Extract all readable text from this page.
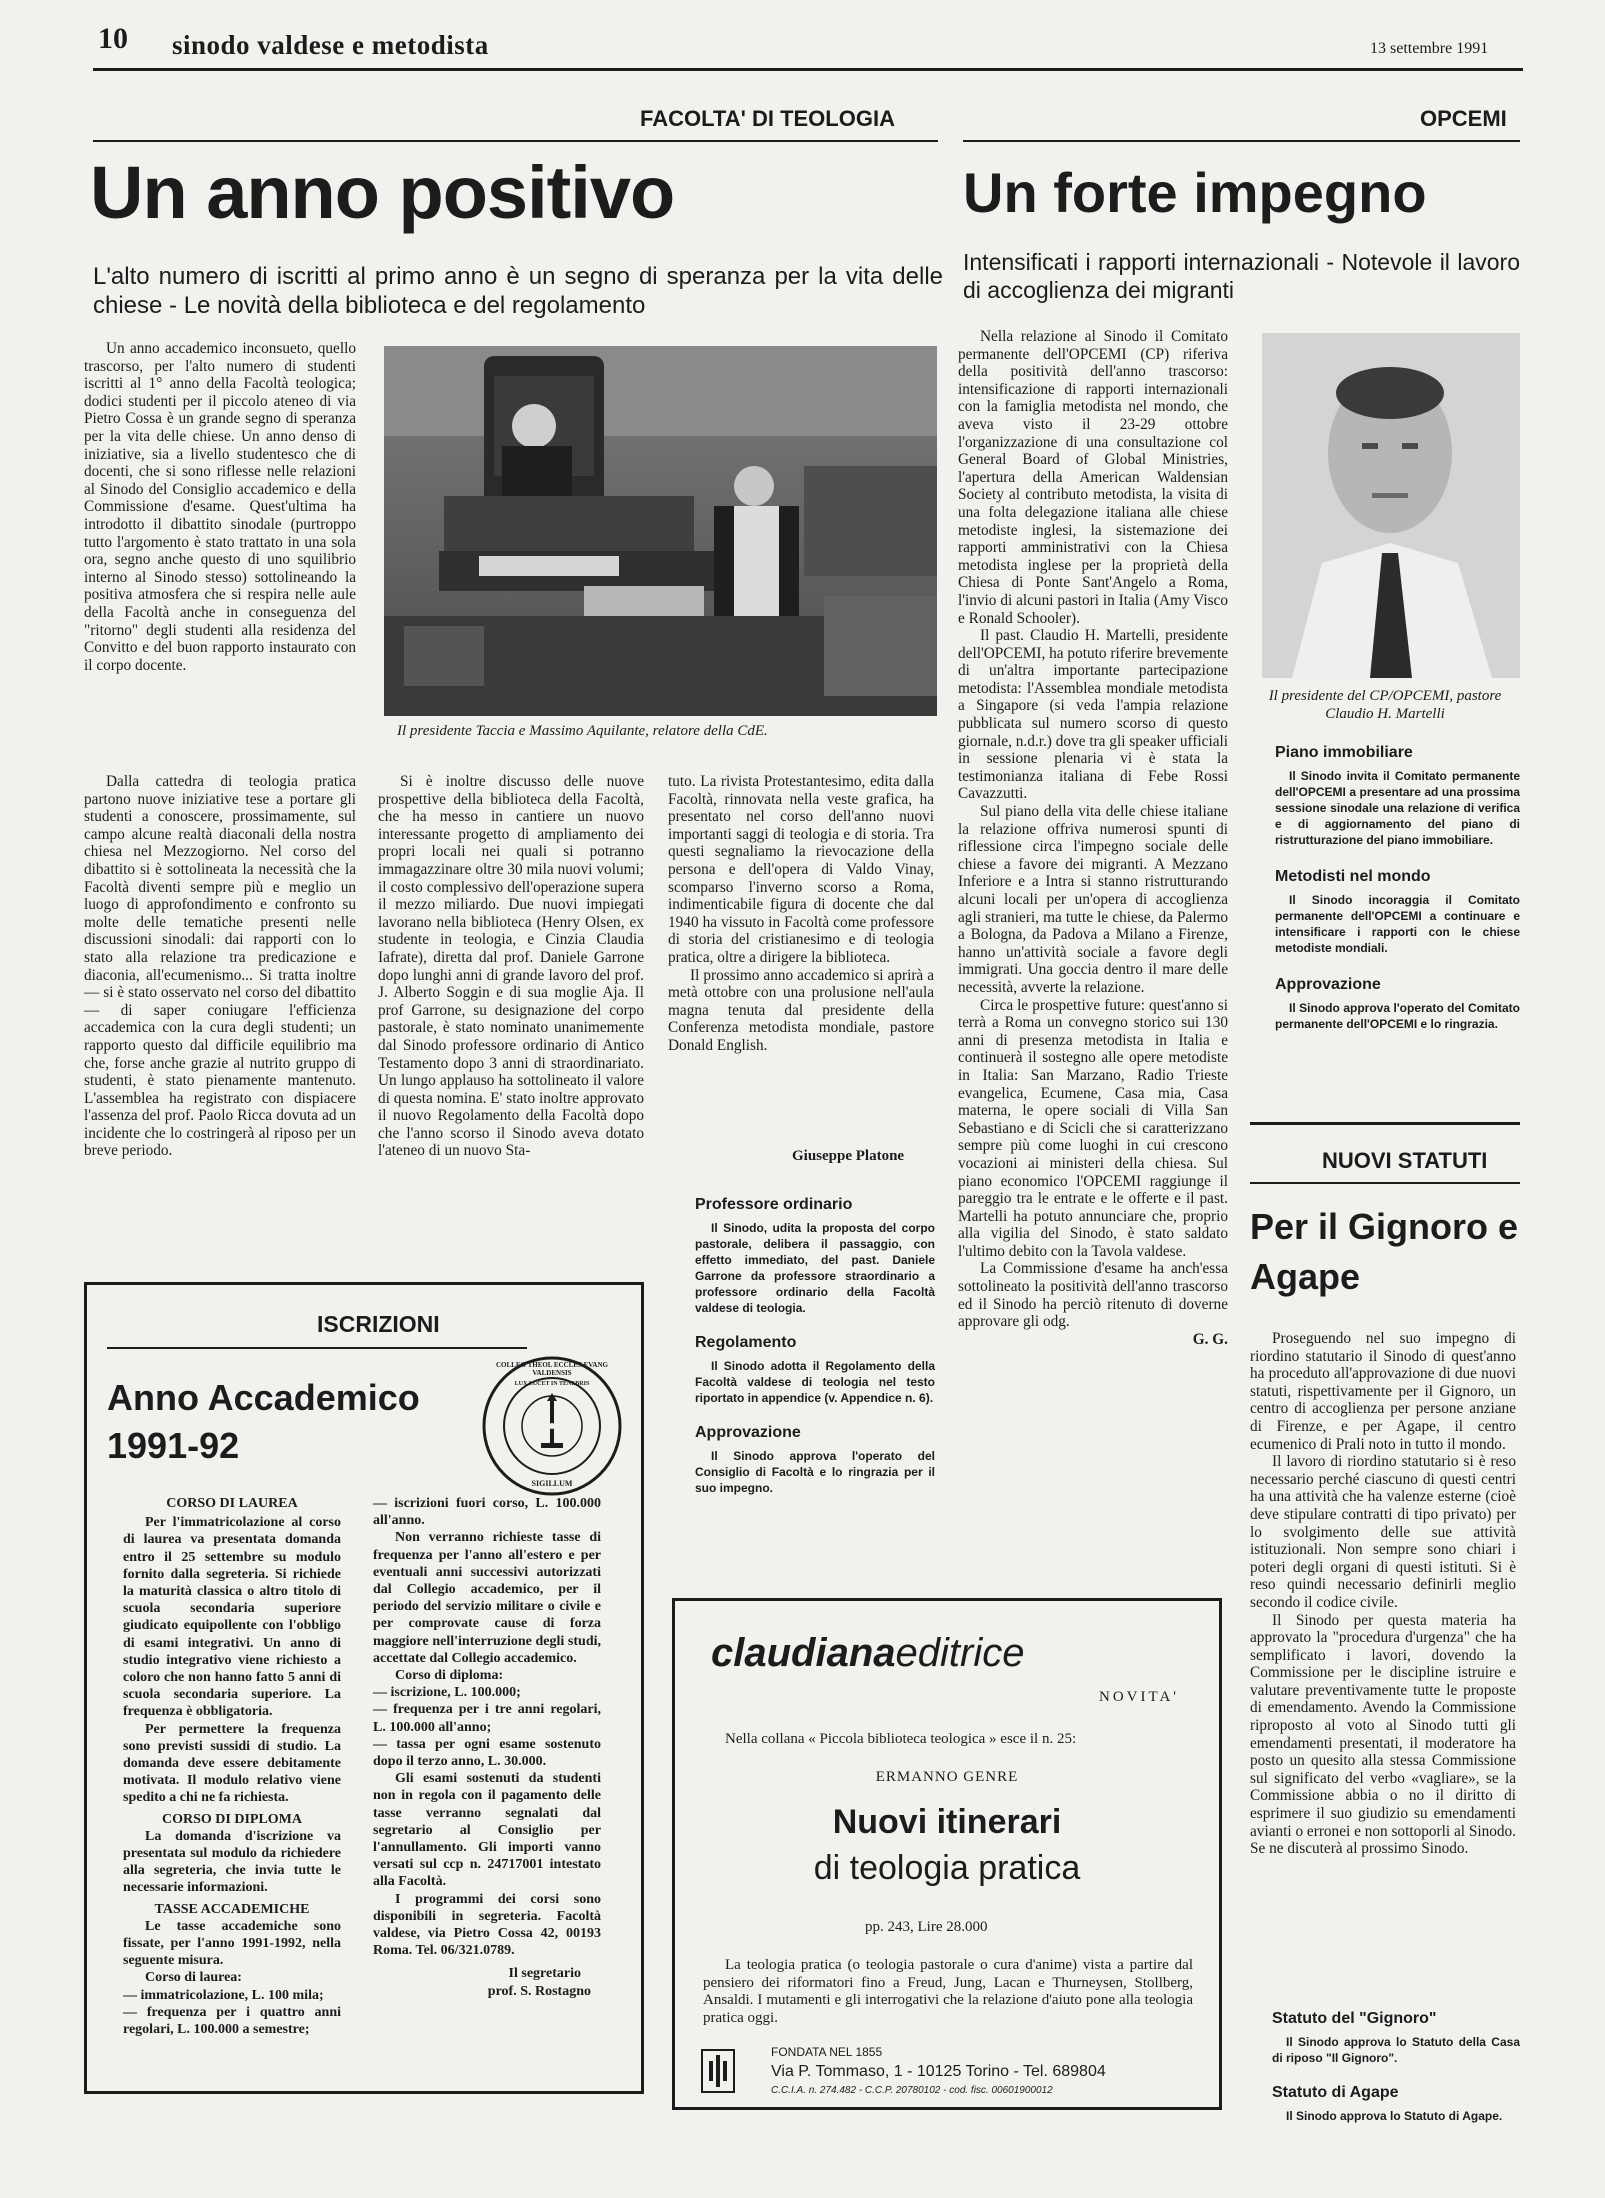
10 sinodo valdese e metodista	13 settembre 1991
FACOLTA' DI TEOLOGIA
Un anno positivo
L'alto numero di iscritti al primo anno è un segno di speranza per la vita delle chiese - Le novità della biblioteca e del regolamento
Un anno accademico inconsueto, quello trascorso, per l'alto numero di studenti iscritti al 1° anno della Facoltà teologica; dodici studenti per il piccolo ateneo di via Pietro Cossa è un grande segno di speranza per la vita delle chiese. Un anno denso di iniziative, sia a livello studentesco che di docenti, che si sono riflesse nelle relazioni al Sinodo del Consiglio accademico e della Commissione d'esame. Quest'ultima ha introdotto il dibattito sinodale (purtroppo tutto l'argomento è stato trattato in una sola ora, segno anche questo di uno squilibrio interno al Sinodo stesso) sottolineando la positiva atmosfera che si respira nelle aule della Facoltà anche in conseguenza del "ritorno" degli studenti alla residenza del Convitto e del buon rapporto instaurato con il corpo docente.
Dalla cattedra di teologia pratica partono nuove iniziative tese a portare gli studenti a conoscere, prossimamente, sul campo alcune realtà diaconali della nostra chiesa nel Mezzogiorno. Nel corso del dibattito si è sottolineata la necessità che la Facoltà diventi sempre più e meglio un luogo di approfondimento e confronto su molte delle tematiche presenti nelle discussioni sinodali: dai rapporti con lo stato alla relazione tra predicazione e diaconia, all'ecumenismo... Si tratta inoltre — si è stato osservato nel corso del dibattito — di saper coniugare l'efficienza accademica con la cura degli studenti; un rapporto questo dal difficile equilibrio ma che, forse anche grazie al nutrito gruppo di studenti, è stato pienamente mantenuto. L'assemblea ha registrato con dispiacere l'assenza del prof. Paolo Ricca dovuta ad un incidente che lo costringerà al riposo per un breve periodo.
Il presidente Taccia e Massimo Aquilante, relatore della CdE.
Si è inoltre discusso delle nuove prospettive della biblioteca della Facoltà, che ha messo in cantiere un nuovo interessante progetto di ampliamento dei propri locali nei quali si potranno immagazzinare oltre 30 mila nuovi volumi; il costo complessivo dell'operazione supera il mezzo miliardo. Due nuovi impiegati lavorano nella biblioteca (Henry Olsen, ex studente in teologia, e Cinzia Claudia Iafrate), diretta dal prof. Daniele Garrone dopo lunghi anni di grande lavoro del prof. J. Alberto Soggin e di sua moglie Aja. Il prof Garrone, su designazione del corpo pastorale, è stato nominato unanimemente dal Sinodo professore ordinario di Antico Testamento dopo 3 anni di straordinariato. Un lungo applauso ha sottolineato il valore di questa nomina. E' stato inoltre approvato il nuovo Regolamento della Facoltà dopo che l'anno scorso il Sinodo aveva dotato l'ateneo di un nuovo Sta-

tuto. La rivista Protestantesimo, edita dalla Facoltà, rinnovata nella veste grafica, ha presentato nel corso dell'anno nuovi importanti saggi di teologia e di storia. Tra questi segnaliamo la rievocazione della persona e dell'opera di Valdo Vinay, scomparso l'inverno scorso a Roma, indimenticabile figura di docente che dal 1940 ha vissuto in Facoltà come professore di storia del cristianesimo e di teologia pratica, oltre a dirigere la biblioteca.

Il prossimo anno accademico si aprirà a metà ottobre con una prolusione nell'aula magna tenuta dal presidente della Conferenza metodista mondiale, pastore Donald English.

Giuseppe Platone
Professore ordinario
Il Sinodo, udita la proposta del corpo pastorale, delibera il passaggio, con effetto immediato, del past. Daniele Garrone da professore straordinario a professore ordinario della Facoltà valdese di teologia.
Regolamento
Il Sinodo adotta il Regolamento della Facoltà valdese di teologia nel testo riportato in appendice (v. Appendice n. 6).
Approvazione
Il Sinodo approva l'operato del Consiglio di Facoltà e lo ringrazia per il suo impegno.
ISCRIZIONI
Anno Accademico
1991-92
COLLEG THEOL ECCLES EVANG VALDENSIS
LUX LUCET IN TENEBRIS
SIGILLUM

CORSO DI LAUREA

Per l'immatricolazione al corso di laurea va presentata domanda entro il 25 settembre su modulo fornito dalla segreteria. Si richiede la maturità classica o altro titolo di scuola secondaria superiore giudicato equipollente con l'obbligo di esami integrativi. Un anno di studio integrativo viene richiesto a coloro che non hanno fatto 5 anni di scuola secondaria superiore. La frequenza è obbligatoria.

Per permettere la frequenza sono previsti sussidi di studio. La domanda deve essere debitamente motivata. Il modulo relativo viene spedito a chi ne fa richiesta.

CORSO DI DIPLOMA

La domanda d'iscrizione va presentata sul modulo da richiedere alla segreteria, che invia tutte le necessarie informazioni.

TASSE ACCADEMICHE

Le tasse accademiche sono fissate, per l'anno 1991-1992, nella seguente misura.

Corso di laurea:

— immatricolazione, L. 100 mila;

— frequenza per i quattro anni regolari, L. 100.000 a semestre;

— iscrizioni fuori corso, L. 100.000 all'anno.

Non verranno richieste tasse di frequenza per l'anno all'estero e per eventuali anni successivi autorizzati dal Collegio accademico, per il periodo del servizio militare o civile e per comprovate cause di forza maggiore nell'interruzione degli studi, accettate dal Collegio accademico.

Corso di diploma:

— iscrizione, L. 100.000;

— frequenza per i tre anni regolari, L. 100.000 all'anno;

— tassa per ogni esame sostenuto dopo il terzo anno, L. 30.000.

Gli esami sostenuti da studenti non in regola con il pagamento delle tasse verranno segnalati dal segretario al Consiglio per l'annullamento. Gli importi vanno versati sul ccp n. 24717001 intestato alla Facoltà.

I programmi dei corsi sono disponibili in segreteria. Facoltà valdese, via Pietro Cossa 42, 00193 Roma. Tel. 06/321.0789.

Il segretario

prof. S. Rostagno

claudianaeditrice
NOVITA'
Nella collana « Piccola biblioteca teologica » esce il n. 25:
ERMANNO GENRE
Nuovi itinerari
di teologia pratica
pp. 243, Lire 28.000
La teologia pratica (o teologia pastorale o cura d'anime) vista a partire dal pensiero dei riformatori fino a Freud, Jung, Lacan e Thurneysen, Stollberg, Ansaldi. I mutamenti e gli interrogativi che la relazione d'aiuto pone alla teologia pratica oggi.
FONDATA NEL 1855
Via P. Tommaso, 1 - 10125 Torino - Tel. 689804
C.C.I.A. n. 274.482 - C.C.P. 20780102 - cod. fisc. 00601900012
OPCEMI
Un forte impegno
Intensificati i rapporti internazionali - Notevole il lavoro di accoglienza dei migranti

Nella relazione al Sinodo il Comitato permanente dell'OPCEMI (CP) riferiva della positività dell'anno trascorso: intensificazione di rapporti internazionali con la famiglia metodista nel mondo, che aveva visto il 23-29 ottobre l'organizzazione di una consultazione col General Board of Global Ministries, l'apertura della American Waldensian Society al contributo metodista, la visita di una folta delegazione italiana alle chiese metodiste inglesi, la sistemazione dei rapporti amministrativi con la Chiesa metodista inglese per la proprietà della Chiesa di Ponte Sant'Angelo a Roma, l'invio di alcuni pastori in Italia (Amy Visco e Ronald Schooler).

Il past. Claudio H. Martelli, presidente dell'OPCEMI, ha potuto riferire brevemente di un'altra importante partecipazione metodista: l'Assemblea mondiale metodista a Singapore (si veda l'ampia relazione pubblicata sul numero scorso di questo giornale, n.d.r.) dove tra gli speaker ufficiali in sessione plenaria vi è stata la testimonianza italiana di Febe Rossi Cavazzutti.

Sul piano della vita delle chiese italiane la relazione offriva numerosi spunti di riflessione circa l'impegno sociale delle chiese a favore dei migranti. A Mezzano Inferiore e a Intra si stanno ristrutturando alcuni locali per un'opera di accoglienza agli stranieri, ma tutte le chiese, da Palermo a Bologna, da Padova a Milano a Firenze, hanno un'attività sociale a favore degli immigrati. Una goccia dentro il mare delle necessità, avverte la relazione.

Circa le prospettive future: quest'anno si terrà a Roma un convegno storico sui 130 anni di presenza metodista in Italia e continuerà il sostegno alle opere metodiste in Italia: San Marzano, Radio Trieste evangelica, Ecumene, Casa mia, Casa materna, le opere sociali di Villa San Sebastiano e di Scicli che si caratterizzano sempre più come luoghi in cui crescono vocazioni ai ministeri della chiesa. Sul piano economico l'OPCEMI raggiunge il pareggio tra le entrate e le offerte e il past. Martelli ha potuto annunciare che, proprio alla vigilia del Sinodo, è stato saldato l'ultimo debito con la Tavola valdese.

La Commissione d'esame ha anch'essa sottolineato la positività dell'anno trascorso ed il Sinodo ha perciò ritenuto di doverne approvare gli odg.

G. G.

Il presidente del CP/OPCEMI, pastore Claudio H. Martelli
Piano immobiliare
Il Sinodo invita il Comitato permanente dell'OPCEMI a presentare ad una prossima sessione sinodale una relazione di verifica e di aggiornamento del piano di ristrutturazione del piano immobiliare.
Metodisti nel mondo
Il Sinodo incoraggia il Comitato permanente dell'OPCEMI a continuare e intensificare i rapporti con le chiese metodiste mondiali.
Approvazione
Il Sinodo approva l'operato del Comitato permanente dell'OPCEMI e lo ringrazia.
NUOVI STATUTI
Per il Gignoro e Agape

Proseguendo nel suo impegno di riordino statutario il Sinodo di quest'anno ha proceduto all'approvazione di due nuovi statuti, rispettivamente per il Gignoro, un centro di accoglienza per persone anziane di Firenze, e per Agape, il centro ecumenico di Prali noto in tutto il mondo.

Il lavoro di riordino statutario si è reso necessario perché ciascuno di questi centri ha una attività che ha valenze esterne (cioè deve stipulare contratti di tipo privato) per lo svolgimento delle sue attività istituzionali. Non sempre sono chiari i poteri degli organi di questi istituti. Si è reso quindi necessario definirli meglio secondo il codice civile.

Il Sinodo per questa materia ha approvato la "procedura d'urgenza" che ha semplificato i lavori, dovendo la Commissione per le discipline istruire e valutare preventivamente tutte le proposte di emendamento. Avendo la Commissione riproposto al voto al Sinodo tutti gli emendamenti presentati, il moderatore ha posto un quesito alla stessa Commissione sul significato del verbo «vagliare», se la Commissione abbia o no il diritto di esprimere il suo giudizio su emendamenti avianti o erronei e non sottoporli al Sinodo. Se ne discuterà al prossimo Sinodo.

Statuto del "Gignoro"
Il Sinodo approva lo Statuto della Casa di riposo "Il Gignoro".
Statuto di Agape
Il Sinodo approva lo Statuto di Agape.
